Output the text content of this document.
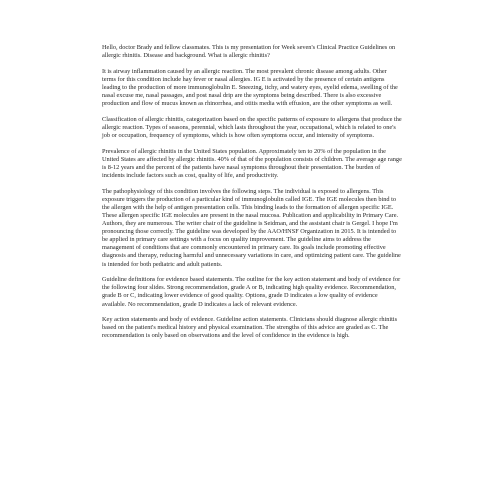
Hello, doctor Brady and fellow classmates. This is my presentation for Week seven's Clinical Practice Guidelines on allergic rhinitis. Disease and background. What is allergic rhinitis?

It is airway inflammation caused by an allergic reaction. The most prevalent chronic disease among adults. Other terms for this condition include hay fever or nasal allergies. IG E is activated by the presence of certain antigens leading to the production of more immunoglobulin E. Sneezing, itchy, and watery eyes, eyelid edema, swelling of the nasal excuse me, nasal passages, and post nasal drip are the symptoms being described. There is also excessive production and flow of mucus known as rhinorrhea, and otitis media with effusion, are the other symptoms as well.

Classification of allergic rhinitis, categorization based on the specific patterns of exposure to allergens that produce the allergic reaction. Types of seasons, perennial, which lasts throughout the year, occupational, which is related to one's job or occupation, frequency of symptoms, which is how often symptoms occur, and intensity of symptoms.

Prevalence of allergic rhinitis in the United States population. Approximately ten to 20% of the population in the United States are affected by allergic rhinitis. 40% of that of the population consists of children. The average age range is 8-12 years and the percent of the patients have nasal symptoms throughout their presentation. The burden of incidents include factors such as cost, quality of life, and productivity.

The pathophysiology of this condition involves the following steps. The individual is exposed to allergens. This exposure triggers the production of a particular kind of immunoglobulin called IGE. The IGE molecules then bind to the allergen with the help of antigen presentation cells. This binding leads to the formation of allergen specific IGE. These allergen specific IGE molecules are present in the nasal mucosa. Publication and applicability in Primary Care. Authors, they are numerous. The writer chair of the guideline is Seidman, and the assistant chair is Gergel. I hope I'm pronouncing those correctly. The guideline was developed by the AAO/HNSF Organization in 2015. It is intended to be applied in primary care settings with a focus on quality improvement. The guideline aims to address the management of conditions that are commonly encountered in primary care. Its goals include promoting effective diagnosis and therapy, reducing harmful and unnecessary variations in care, and optimizing patient care. The guideline is intended for both pediatric and adult patients.

Guideline definitions for evidence based statements. The outline for the key action statement and body of evidence for the following four slides. Strong recommendation, grade A or B, indicating high quality evidence. Recommendation, grade B or C, indicating lower evidence of good quality. Options, grade D indicates a low quality of evidence available. No recommendation, grade D indicates a lack of relevant evidence.

Key action statements and body of evidence. Guideline action statements. Clinicians should diagnose allergic rhinitis based on the patient's medical history and physical examination. The strengths of this advice are graded as C. The recommendation is only based on observations and the level of confidence in the evidence is high.
